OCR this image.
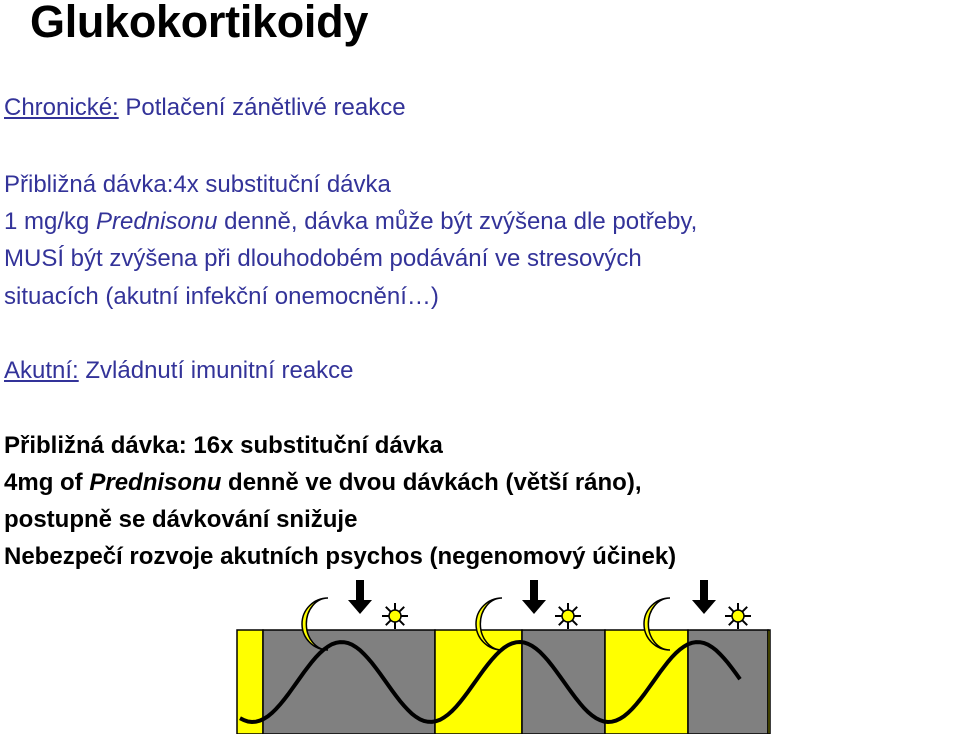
Glukokortikoidy

Chronické: Potlačení zánětlivé reakce

Přibližná dávka:4x substituční dávka

1 mg/kg Prednisonu denně, dávka může být zvýšena dle potřeby,

MUSÍ být zvýšena při dlouhodobém podávání ve stresových

situacích (akutní infekční onemocnění…)

Akutní: Zvládnutí imunitní reakce

Přibližná dávka: 16x substituční dávka

4mg of Prednisonu denně ve dvou dávkách (větší ráno),

postupně se dávkování snižuje

Nebezpečí rozvoje akutních psychos (negenomový účinek)
